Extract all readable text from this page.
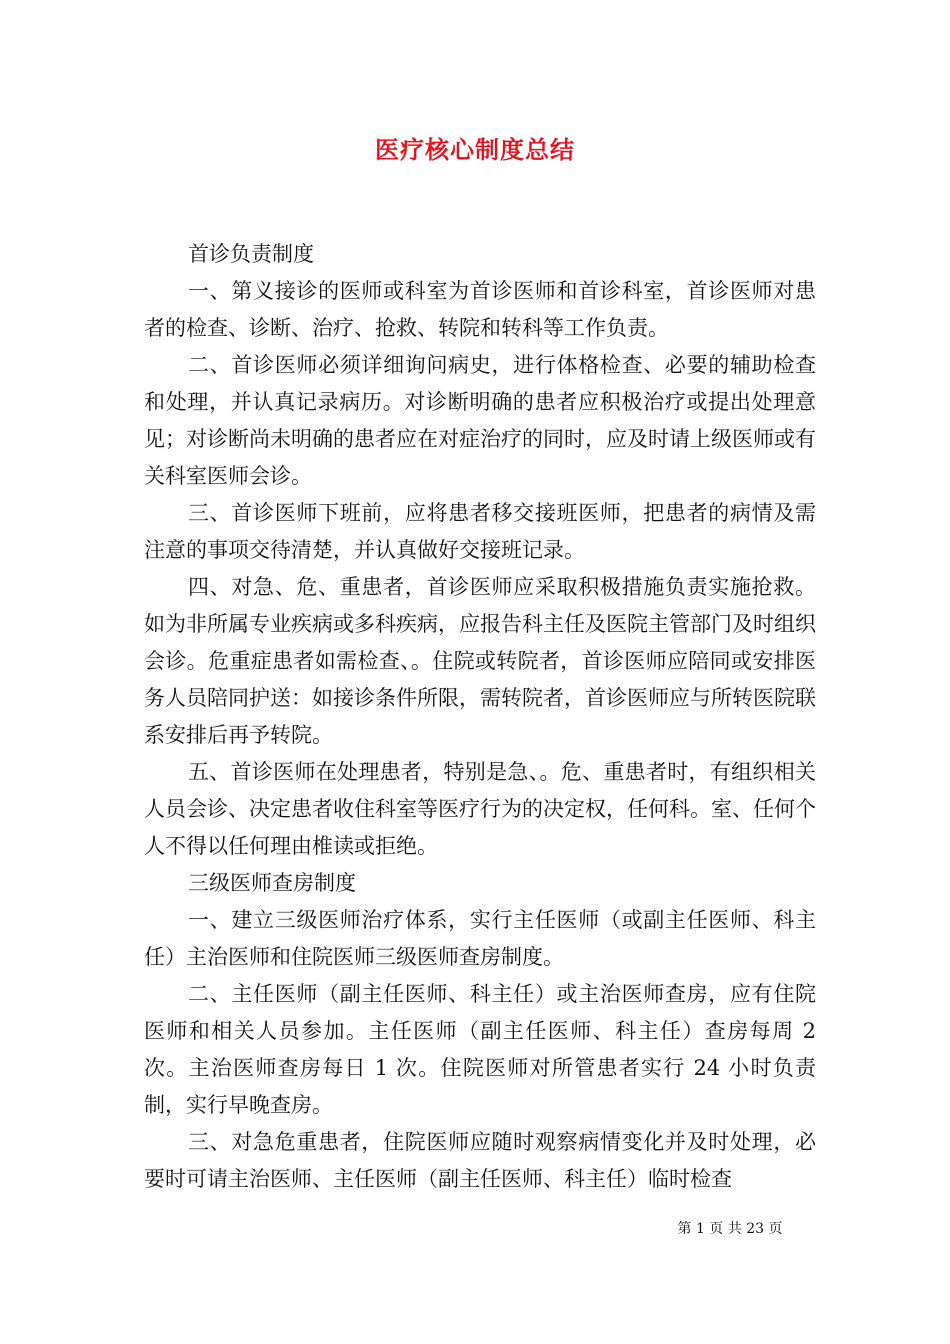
医疗核心制度总结

首诊负责制度

一、第义接诊的医师或科室为首诊医师和首诊科室，首诊医师对患者的检查、诊断、治疗、抢救、转院和转科等工作负责。

二、首诊医师必须详细询问病史，进行体格检查、必要的辅助检查和处理，并认真记录病历。对诊断明确的患者应积极治疗或提出处理意见；对诊断尚未明确的患者应在对症治疗的同时，应及时请上级医师或有关科室医师会诊。

三、首诊医师下班前，应将患者移交接班医师，把患者的病情及需注意的事项交待清楚，并认真做好交接班记录。

四、对急、危、重患者，首诊医师应采取积极措施负责实施抢救。如为非所属专业疾病或多科疾病，应报告科主任及医院主管部门及时组织会诊。危重症患者如需检查、。住院或转院者，首诊医师应陪同或安排医务人员陪同护送：如接诊条件所限，需转院者，首诊医师应与所转医院联系安排后再予转院。

五、首诊医师在处理患者，特别是急、。危、重患者时，有组织相关人员会诊、决定患者收住科室等医疗行为的决定权，任何科。室、任何个人不得以任何理由椎读或拒绝。

三级医师查房制度

一、建立三级医师治疗体系，实行主任医师（或副主任医师、科主任）主治医师和住院医师三级医师查房制度。

二、主任医师（副主任医师、科主任）或主治医师查房，应有住院医师和相关人员参加。主任医师（副主任医师、科主任）查房每周 2 次。主治医师查房每日 1 次。住院医师对所管患者实行 24 小时负责制，实行早晚查房。

三、对急危重患者，住院医师应随时观察病情变化并及时处理，必要时可请主治医师、主任医师（副主任医师、科主任）临时检查

第 1 页 共 23 页
